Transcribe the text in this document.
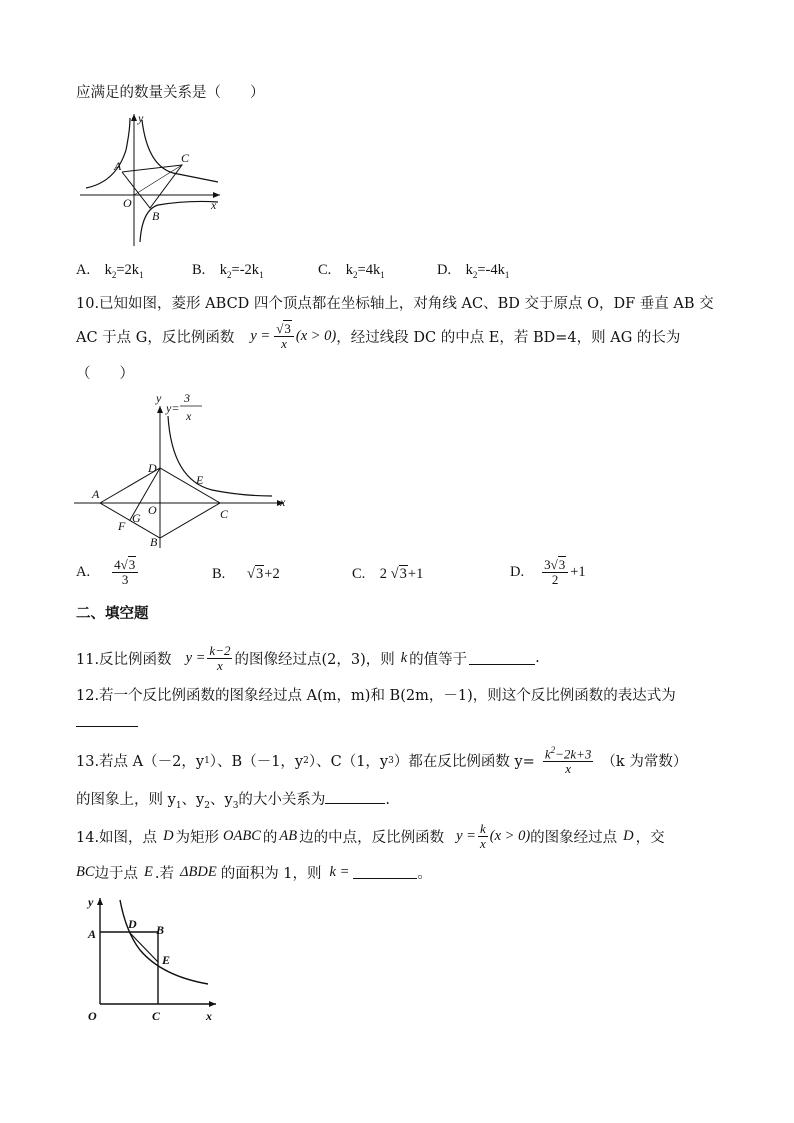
应满足的数量关系是（　　）
y
x
A
C
B
O
A. $k_2=2k_1$	B. $k_2=-2k_1$	C. $k_2=4k_1$	D. $k_2=-4k_1$
10.已知如图，菱形 ABCD 四个顶点都在坐标轴上，对角线 AC、BD 交于原点 O，DF 垂直 AB 交
AC 于点 G，反比例函数 $y = \frac{√3}{x} (x > 0)$ ，经过线段 DC 的中点 E，若 BD=4，则 AG 的长为
（　　）
y
y=
3
x
x
A
C
D
B
E
F
G
O
A. $\frac{4√3}{3}$	B. √3+2	C. 2 √3+1	D. $\frac{3√3}{2} +1$
二、填空题
11.反比例函数 $y = \frac{k-2}{x}$ 的图像经过点(2，3)，则 k 的值等于	.
12.若一个反比例函数的图象经过点 A(m，m)和 B(2m，－1)，则这个反比例函数的表达式为
13.若点 A（－2，y 1 ）、B（－1，y 2 ）、C（1，y 3 ）都在反比例函数 $y= \frac{k^2-2k+3}{x} (k$ 为常数）
的图象上，则 $y_1$、$y_2$、$y_3$的大小关系为	.
14.如图，点 D 为矩形 OABC 的 AB 边的中点，反比例函数 $y = \frac{k}{x} (x > 0)$ 的图象经过点 D ，交
BC 边于点 E .若 ΔBDE 的面积为 1，则 k =	。
y
x
A
D B
E
O	C
